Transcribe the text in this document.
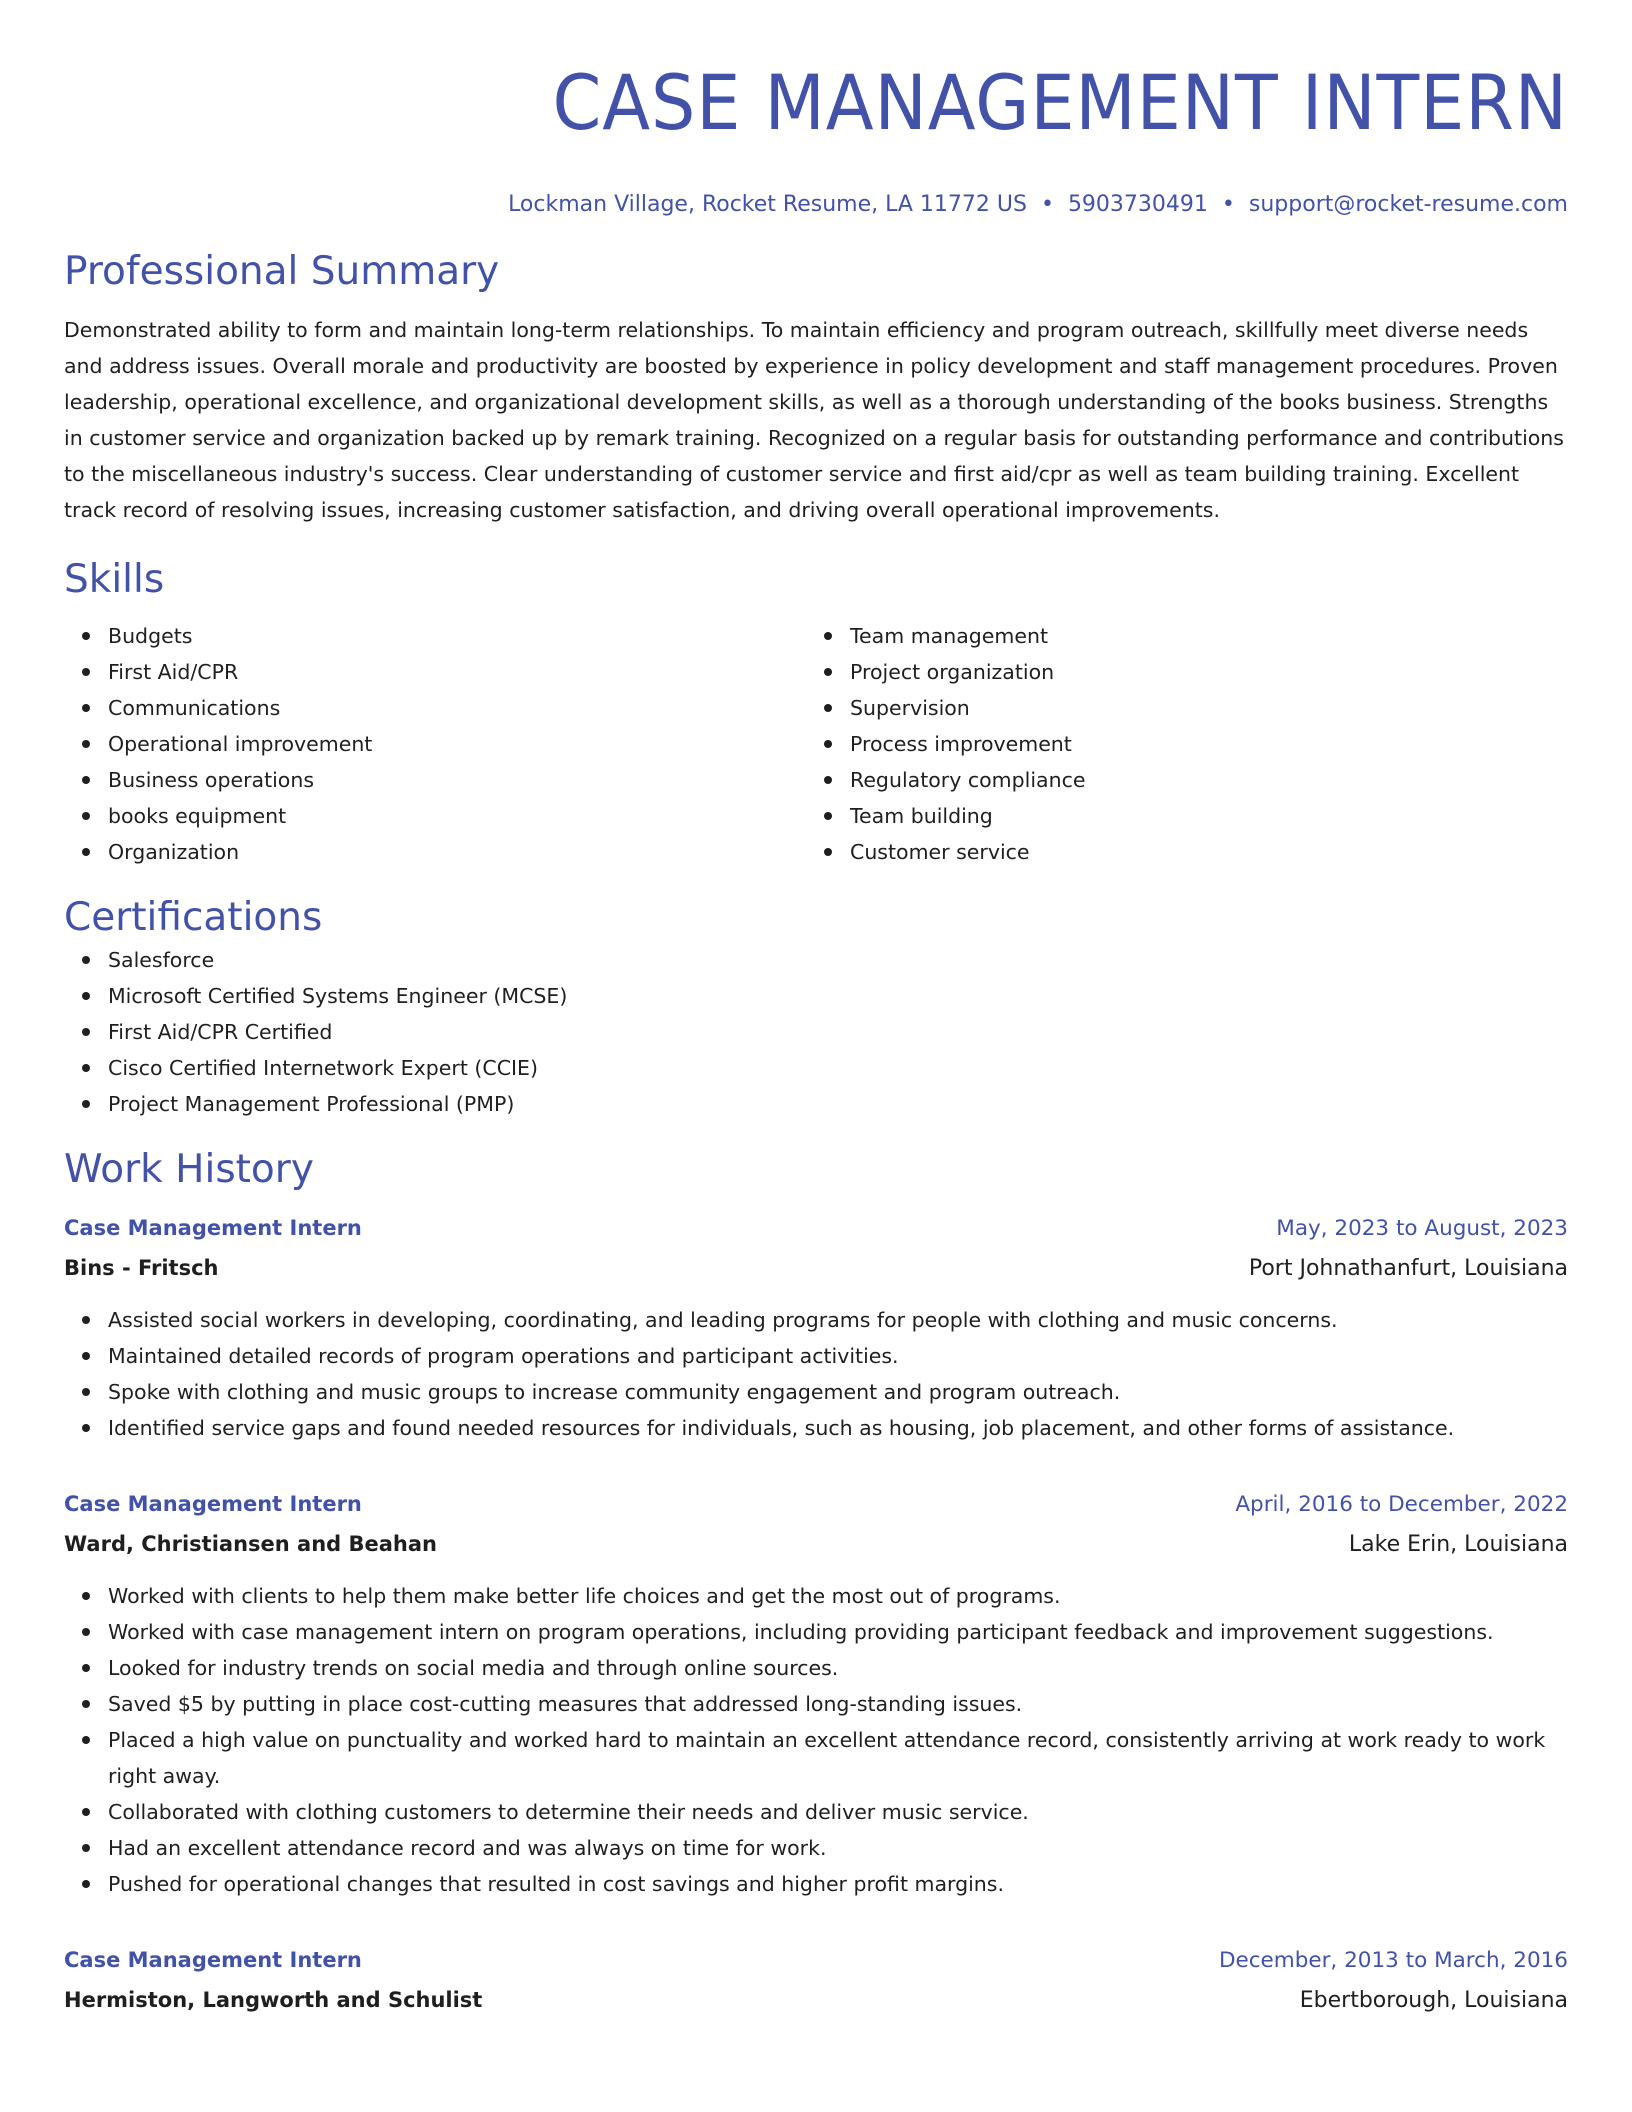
CASE MANAGEMENT INTERN
Lockman Village, Rocket Resume, LA 11772 US • 5903730491 • support@rocket-resume.com
Professional Summary
Demonstrated ability to form and maintain long-term relationships. To maintain efficiency and program outreach, skillfully meet diverse needs and address issues. Overall morale and productivity are boosted by experience in policy development and staff management procedures. Proven leadership, operational excellence, and organizational development skills, as well as a thorough understanding of the books business. Strengths in customer service and organization backed up by remark training. Recognized on a regular basis for outstanding performance and contributions to the miscellaneous industry's success. Clear understanding of customer service and first aid/cpr as well as team building training. Excellent track record of resolving issues, increasing customer satisfaction, and driving overall operational improvements.
Skills
Budgets
First Aid/CPR
Communications
Operational improvement
Business operations
books equipment
Organization
Team management
Project organization
Supervision
Process improvement
Regulatory compliance
Team building
Customer service
Certifications
Salesforce
Microsoft Certified Systems Engineer (MCSE)
First Aid/CPR Certified
Cisco Certified Internetwork Expert (CCIE)
Project Management Professional (PMP)
Work History
Case Management Intern	May, 2023 to August, 2023
Bins - Fritsch	Port Johnathanfurt, Louisiana
Assisted social workers in developing, coordinating, and leading programs for people with clothing and music concerns.
Maintained detailed records of program operations and participant activities.
Spoke with clothing and music groups to increase community engagement and program outreach.
Identified service gaps and found needed resources for individuals, such as housing, job placement, and other forms of assistance.
Case Management Intern	April, 2016 to December, 2022
Ward, Christiansen and Beahan	Lake Erin, Louisiana
Worked with clients to help them make better life choices and get the most out of programs.
Worked with case management intern on program operations, including providing participant feedback and improvement suggestions.
Looked for industry trends on social media and through online sources.
Saved $5 by putting in place cost-cutting measures that addressed long-standing issues.
Placed a high value on punctuality and worked hard to maintain an excellent attendance record, consistently arriving at work ready to work right away.
Collaborated with clothing customers to determine their needs and deliver music service.
Had an excellent attendance record and was always on time for work.
Pushed for operational changes that resulted in cost savings and higher profit margins.
Case Management Intern	December, 2013 to March, 2016
Hermiston, Langworth and Schulist	Ebertborough, Louisiana
